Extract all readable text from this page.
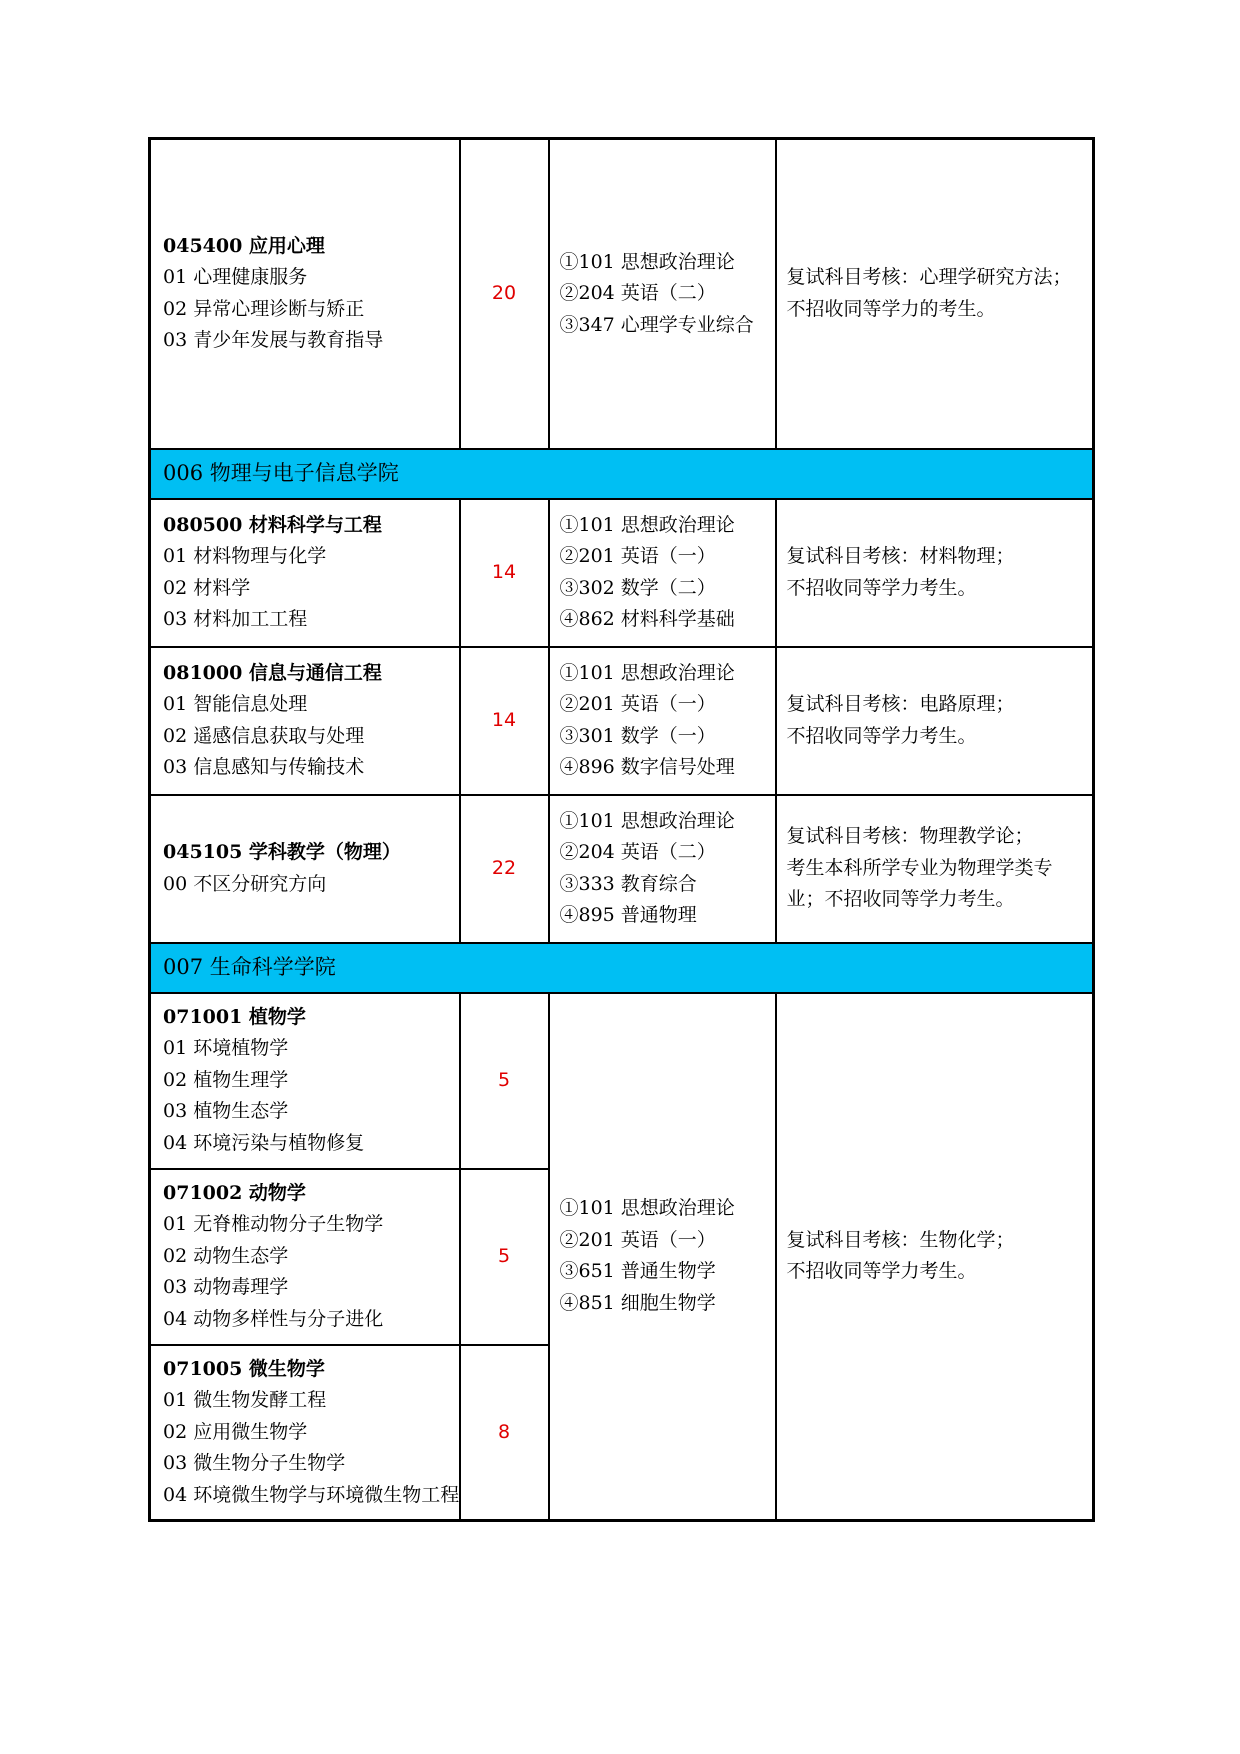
045400 应用心理
01 心理健康服务
02 异常心理诊断与矫正
03 青少年发展与教育指导	20	①101 思想政治理论
②204 英语（二）
③347 心理学专业综合	复试科目考核：心理学研究方法；
不招收同等学力的考生。

006 物理与电子信息学院			

080500 材料科学与工程
01 材料物理与化学
02 材料学
03 材料加工工程	14	①101 思想政治理论
②201 英语（一）
③302 数学（二）
④862 材料科学基础	复试科目考核：材料物理；
不招收同等学力考生。

081000 信息与通信工程
01 智能信息处理
02 遥感信息获取与处理
03 信息感知与传输技术	14	①101 思想政治理论
②201 英语（一）
③301 数学（一）
④896 数字信号处理	复试科目考核：电路原理；
不招收同等学力考生。

045105 学科教学（物理）
00 不区分研究方向	22	①101 思想政治理论
②204 英语（二）
③333 教育综合
④895 普通物理	复试科目考核：物理教学论；
考生本科所学专业为物理学类专业；不招收同等学力考生。

007 生命科学学院			

071001 植物学
01 环境植物学
02 植物生理学
03 植物生态学
04 环境污染与植物修复	5	①101 思想政治理论
②201 英语（一）
③651 普通生物学
④851 细胞生物学	复试科目考核：生物化学；
不招收同等学力考生。

071002 动物学
01 无脊椎动物分子生物学
02 动物生态学
03 动物毒理学
04 动物多样性与分子进化	5		

071005 微生物学
01 微生物发酵工程
02 应用微生物学
03 微生物分子生物学
04 环境微生物学与环境微生物工程	8		
